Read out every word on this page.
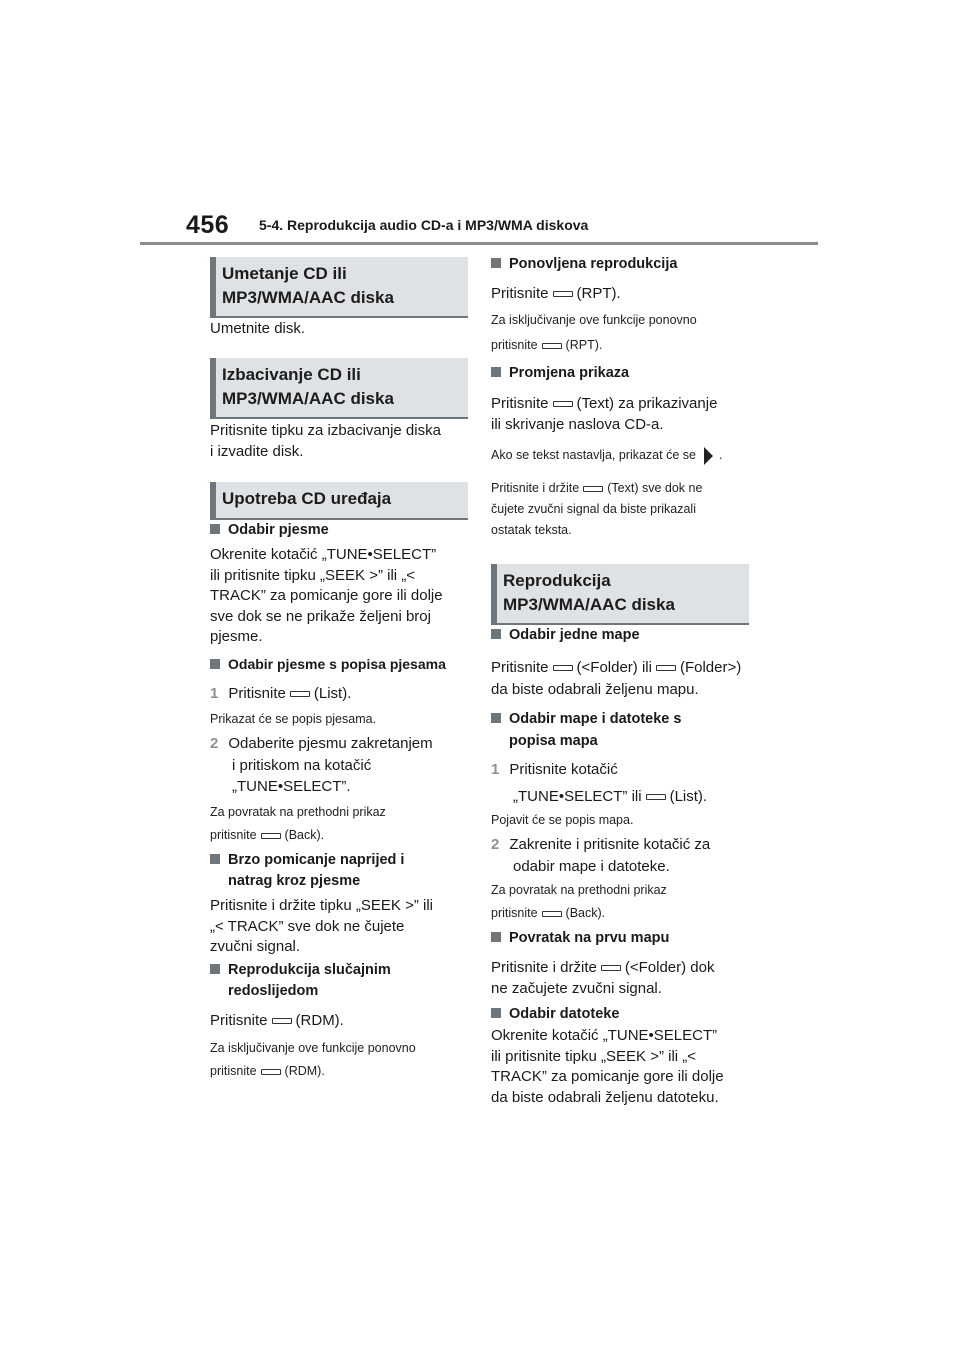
456 5-4. Reprodukcija audio CD-a i MP3/WMA diskova
Umetanje CD ili
MP3/WMA/AAC diska
Umetnite disk.
Izbacivanje CD ili
MP3/WMA/AAC diska
Pritisnite tipku za izbacivanje diska
i izvadite disk.
Upotreba CD uređaja
Odabir pjesme
Okrenite kotačić „TUNE•SELECT”
ili pritisnite tipku „SEEK >” ili „<
TRACK” za pomicanje gore ili dolje
sve dok se ne prikaže željeni broj
pjesme.
Odabir pjesme s popisa pjesama
1 Pritisnite (List).
Prikazat će se popis pjesama.
2 Odaberite pjesmu zakretanjem
i pritiskom na kotačić
„TUNE•SELECT”.
Za povratak na prethodni prikaz
pritisnite (Back).
Brzo pomicanje naprijed i
natrag kroz pjesme
Pritisnite i držite tipku „SEEK >” ili
„< TRACK” sve dok ne čujete
zvučni signal.
Reprodukcija slučajnim
redoslijedom
Pritisnite (RDM).
Za isključivanje ove funkcije ponovno
pritisnite (RDM).
Ponovljena reprodukcija
Pritisnite (RPT).
Za isključivanje ove funkcije ponovno
pritisnite (RPT).
Promjena prikaza
Pritisnite (Text) za prikazivanje
ili skrivanje naslova CD-a.
Ako se tekst nastavlja, prikazat će se .
Pritisnite i držite (Text) sve dok ne
čujete zvučni signal da biste prikazali
ostatak teksta.
Reprodukcija
MP3/WMA/AAC diska
Odabir jedne mape
Pritisnite (<Folder) ili (Folder>)
da biste odabrali željenu mapu.
Odabir mape i datoteke s
popisa mapa
1 Pritisnite kotačić
„TUNE•SELECT” ili (List).
Pojavit će se popis mapa.
2 Zakrenite i pritisnite kotačić za
odabir mape i datoteke.
Za povratak na prethodni prikaz
pritisnite (Back).
Povratak na prvu mapu
Pritisnite i držite (<Folder) dok
ne začujete zvučni signal.
Odabir datoteke
Okrenite kotačić „TUNE•SELECT”
ili pritisnite tipku „SEEK >” ili „<
TRACK” za pomicanje gore ili dolje
da biste odabrali željenu datoteku.
